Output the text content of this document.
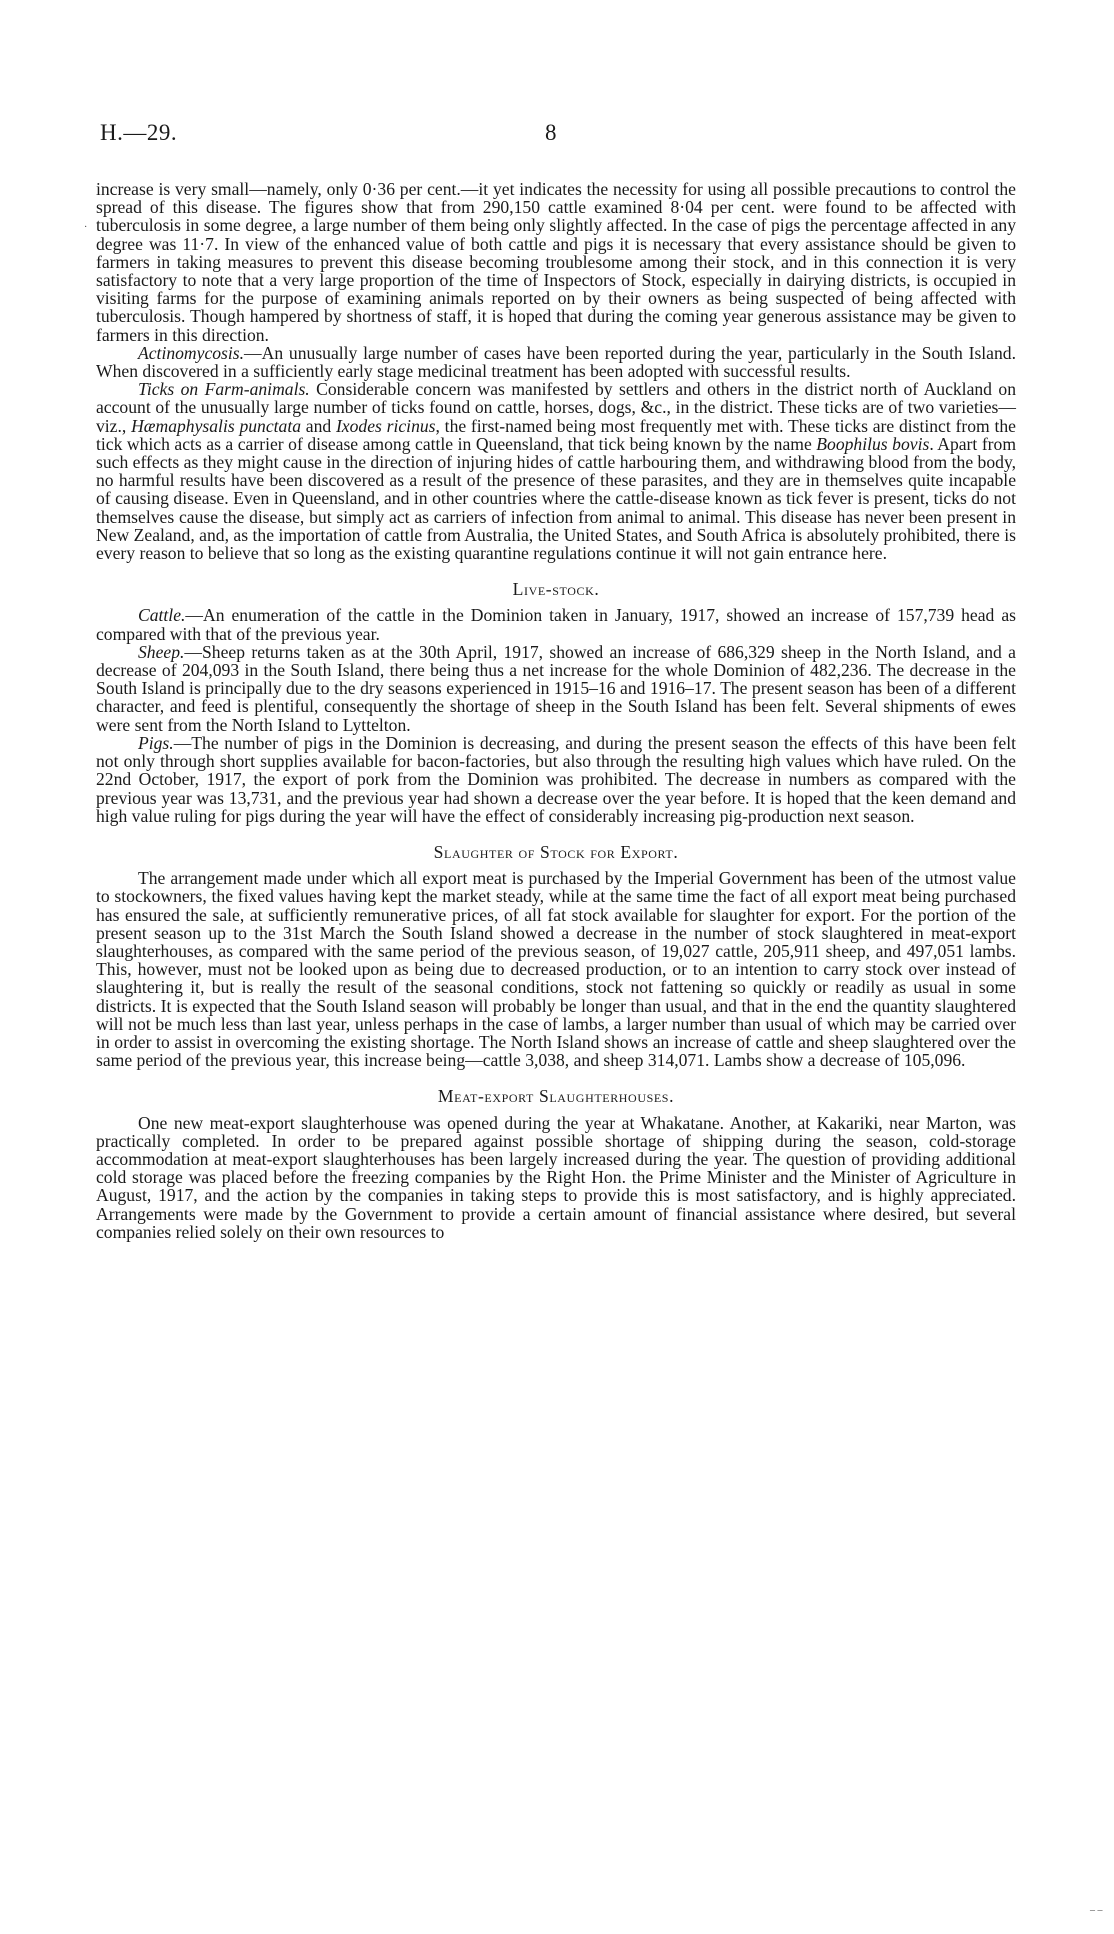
H.—29.	8

increase is very small—namely, only 0·36 per cent.—it yet indicates the necessity for using all possible precautions to control the spread of this disease. The figures show that from 290,150 cattle examined 8·04 per cent. were found to be affected with tuberculosis in some degree, a large number of them being only slightly affected. In the case of pigs the percentage affected in any degree was 11·7. In view of the enhanced value of both cattle and pigs it is necessary that every assistance should be given to farmers in taking measures to prevent this disease becoming troublesome among their stock, and in this connection it is very satisfactory to note that a very large proportion of the time of Inspectors of Stock, especially in dairying districts, is occupied in visiting farms for the purpose of examining animals reported on by their owners as being suspected of being affected with tuberculosis. Though hampered by shortness of staff, it is hoped that during the coming year generous assistance may be given to farmers in this direction.

Actinomycosis.—An unusually large number of cases have been reported during the year, particularly in the South Island. When discovered in a sufficiently early stage medicinal treatment has been adopted with successful results.

Ticks on Farm-animals. Considerable concern was manifested by settlers and others in the district north of Auckland on account of the unusually large number of ticks found on cattle, horses, dogs, &c., in the district. These ticks are of two varieties—viz., Hæmaphysalis punctata and Ixodes ricinus, the first-named being most frequently met with. These ticks are distinct from the tick which acts as a carrier of disease among cattle in Queensland, that tick being known by the name Boophilus bovis. Apart from such effects as they might cause in the direction of injuring hides of cattle harbouring them, and withdrawing blood from the body, no harmful results have been discovered as a result of the presence of these parasites, and they are in themselves quite incapable of causing disease. Even in Queensland, and in other countries where the cattle-disease known as tick fever is present, ticks do not themselves cause the disease, but simply act as carriers of infection from animal to animal. This disease has never been present in New Zealand, and, as the importation of cattle from Australia, the United States, and South Africa is absolutely prohibited, there is every reason to believe that so long as the existing quarantine regulations continue it will not gain entrance here.

Live-stock.

Cattle.—An enumeration of the cattle in the Dominion taken in January, 1917, showed an increase of 157,739 head as compared with that of the previous year.

Sheep.—Sheep returns taken as at the 30th April, 1917, showed an increase of 686,329 sheep in the North Island, and a decrease of 204,093 in the South Island, there being thus a net increase for the whole Dominion of 482,236. The decrease in the South Island is principally due to the dry seasons experienced in 1915–16 and 1916–17. The present season has been of a different character, and feed is plentiful, consequently the shortage of sheep in the South Island has been felt. Several shipments of ewes were sent from the North Island to Lyttelton.

Pigs.—The number of pigs in the Dominion is decreasing, and during the present season the effects of this have been felt not only through short supplies available for bacon-factories, but also through the resulting high values which have ruled. On the 22nd October, 1917, the export of pork from the Dominion was prohibited. The decrease in numbers as compared with the previous year was 13,731, and the previous year had shown a decrease over the year before. It is hoped that the keen demand and high value ruling for pigs during the year will have the effect of considerably increasing pig-production next season.

Slaughter of Stock for Export.

The arrangement made under which all export meat is purchased by the Imperial Government has been of the utmost value to stockowners, the fixed values having kept the market steady, while at the same time the fact of all export meat being purchased has ensured the sale, at sufficiently remunerative prices, of all fat stock available for slaughter for export. For the portion of the present season up to the 31st March the South Island showed a decrease in the number of stock slaughtered in meat-export slaughterhouses, as compared with the same period of the previous season, of 19,027 cattle, 205,911 sheep, and 497,051 lambs. This, however, must not be looked upon as being due to decreased production, or to an intention to carry stock over instead of slaughtering it, but is really the result of the seasonal conditions, stock not fattening so quickly or readily as usual in some districts. It is expected that the South Island season will probably be longer than usual, and that in the end the quantity slaughtered will not be much less than last year, unless perhaps in the case of lambs, a larger number than usual of which may be carried over in order to assist in overcoming the existing shortage. The North Island shows an increase of cattle and sheep slaughtered over the same period of the previous year, this increase being—cattle 3,038, and sheep 314,071. Lambs show a decrease of 105,096.

Meat-export Slaughterhouses.

One new meat-export slaughterhouse was opened during the year at Whakatane. Another, at Kakariki, near Marton, was practically completed. In order to be prepared against possible shortage of shipping during the season, cold-storage accommodation at meat-export slaughterhouses has been largely increased during the year. The question of providing additional cold storage was placed before the freezing companies by the Right Hon. the Prime Minister and the Minister of Agriculture in August, 1917, and the action by the companies in taking steps to provide this is most satisfactory, and is highly appreciated. Arrangements were made by the Government to provide a certain amount of financial assistance where desired, but several companies relied solely on their own resources to

·
– –
